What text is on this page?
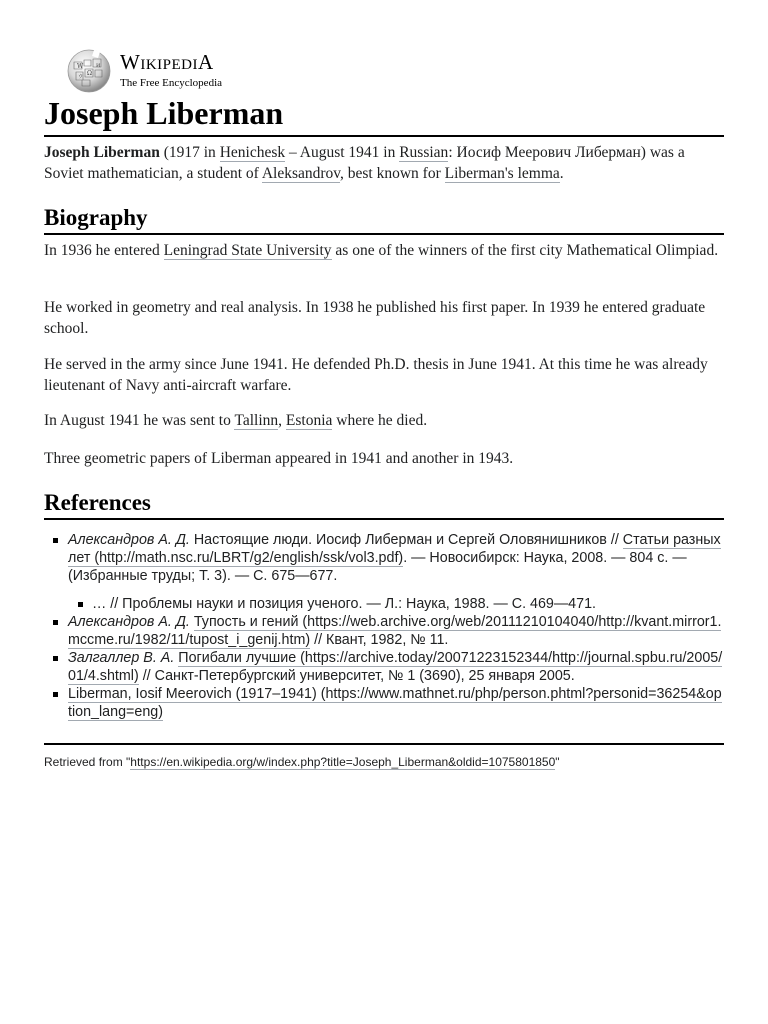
W
Ω
И
ウ
WIKIPEDIA
The Free Encyclopedia
Joseph Liberman

Joseph Liberman (1917 in Henichesk – August 1941 in Russian: Иосиф Меерович Либерман) was a Soviet mathematician, a student of Aleksandrov, best known for Liberman's lemma.

Biography

In 1936 he entered Leningrad State University as one of the winners of the first city Mathematical Olimpiad.

He worked in geometry and real analysis. In 1938 he published his first paper. In 1939 he entered graduate school.

He served in the army since June 1941. He defended Ph.D. thesis in June 1941. At this time he was already lieutenant of Navy anti-aircraft warfare.

In August 1941 he was sent to Tallinn, Estonia where he died.

Three geometric papers of Liberman appeared in 1941 and another in 1943.

References
Александров А. Д. Настоящие люди. Иосиф Либерман и Сергей Оловянишников // Статьи разных лет (http://math.nsc.ru/LBRT/g2/english/ssk/vol3.pdf). — Новосибирск: Наука, 2008. — 804 с. — (Избранные труды; Т. 3). — С. 675—677.
… // Проблемы науки и позиция ученого. — Л.: Наука, 1988. — С. 469—471.
Александров А. Д. Тупость и гений (https://web.archive.org/web/20111210104040/http://kvant.mirror1.mccme.ru/1982/11/tupost_i_genij.htm) // Квант, 1982, № 11.
Залгаллер В. А. Погибали лучшие (https://archive.today/20071223152344/http://journal.spbu.ru/2005/01/4.shtml) // Санкт-Петербургский университет, № 1 (3690), 25 января 2005.
Liberman, Iosif Meerovich (1917–1941) (https://www.mathnet.ru/php/person.phtml?personid=36254&option_lang=eng)
Retrieved from "https://en.wikipedia.org/w/index.php?title=Joseph_Liberman&oldid=1075801850"
